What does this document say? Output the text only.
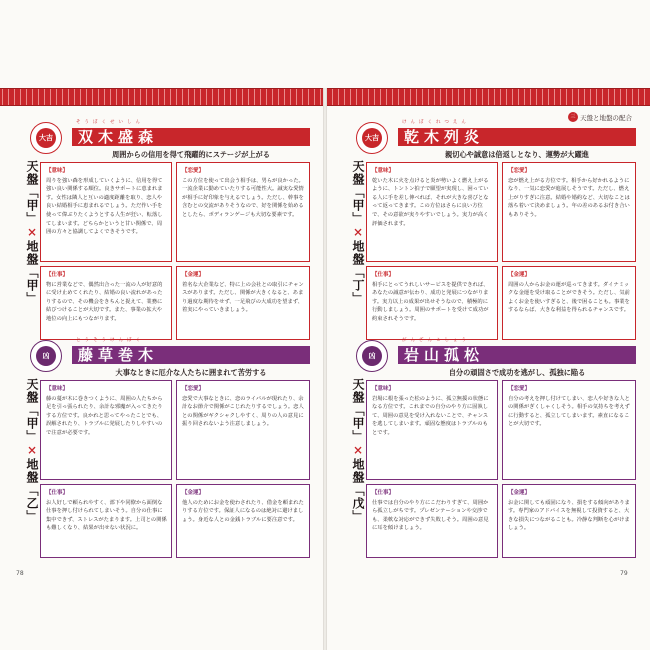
三 天盤と地盤の配合
大吉
そうぼくせいしん
双木盛森
周囲からの信用を得て飛躍的にステージが上がる
天盤「甲」×地盤「甲」
【意味】
周りを強い森を形成していくように、信用を得て強い良い関係する順位。良きサポートに恵まれます。女性は隣人と互いの適度距離を取り、恋人や良い結婚相手に恵まれるでしょう。ただ作い手を使って偉ぶりたくようとする人生が狂い、転落してしまいます。どちらかというと甘い関係で、周囲の方々と協調してよくできそうです。
【恋愛】
この方位を使って出会う相手は、男らが良かった。一流企業に勤めていたりする可能性大。誠実な愛情が相手に好印象を与えるでしょう。ただし、幹事を含むとの交流がありそうなので、好を関係を始めるとしたら、ボディランゲージも大切な要素です。
【仕事】
物に営業などで、偶然出合った一流の人が好意的に受け止めてくれたり、結婚の良い流れがあったりするので、その機会をきちんと捉えて、業務に結びつけることが大切です。また、事業の拡大や地位の向上にもつながります。
【金運】
着名な大企業など、特に上の会社との取引にチャンスがあります。ただし、関係が大きくなると、あまり過度な期待をせず、一足飛びの大成功を望まず、着実にやっていきましょう。
大吉
けんぼくれつえん
乾木列炎
親切心や誠意は倍返しとなり、運勢が大躍進
天盤「甲」×地盤「丁」
【意味】
乾いた木に火を点けると炎が勢いよく燃え上がるように、トントン拍子で願望が実現し、困っている人に手を差し伸べれば、それが大きな喜びとなって返ってきます。この方位はさらに良い方位で、その意欲が実りやすいでしょう。実力が高く評価されます。
【恋愛】
恋が燃え上がる方位です。相手から好かれるようになり、一気に恋愛が進展しそうです。ただし、燃え上がりすぎに注意。結婚や婚約など、大切なことは落ち着いて決めましょう。年の差のあるお付き合いもありそう。
【仕事】
相手にとってうれしいサービスを提供できれば、あなたの誠意が伝わり、成功と発展につながります。実力以上の成果が出せそうなので、積極的に行動しましょう。周囲のサポートを受けて成功が約束されそうです。
【金運】
周囲の人からお金の運が巡ってきます。ダイナミックな金運を受け取ることができそう。ただし、気前よくお金を使いすぎると、後で困ることも。事業をするならば、大きな利益を得られるチャンスです。
凶
とうそうけんぼく
藤草巻木
大事なときに厄介な人たちに囲まれて苦労する
天盤「甲」×地盤「乙」
【意味】
藤の蔓が木に巻きつくように、周囲の人たちから足を引っ張られたり、余計な邪魔が入ってきたりする方位です。良かれと思ってやったことでも、誤解されたり、トラブルに発展したりしやすいので注意が必要です。
【恋愛】
恋愛で大事なときに、恋のライバルが現れたり、余計なお節介で関係がこじれたりするでしょう。恋人との関係がギクシャクしやすく、周りの人の意見に振り回されないよう注意しましょう。
【仕事】
お人好しで頼られやすく、部下や同僚から面倒な仕事を押し付けられてしまいそう。自分の仕事に集中できず、ストレスがたまります。上司との関係も難しくなり、結果が出せない状況に。
【金運】
他人のためにお金を使わされたり、借金を頼まれたりする方位です。保証人になるのは絶対に避けましょう。身近な人との金銭トラブルに要注意です。
凶
がんざんこしょう
岩山孤松
自分の頑固さで成功を逃がし、孤独に陥る
天盤「甲」×地盤「戊」
【意味】
岩場に根を張った松のように、孤立無援の状態になる方位です。これまでの自分のやり方に固執して、周囲の意見を受け入れないことで、チャンスを逃してしまいます。頑固な態度はトラブルのもとです。
【恋愛】
自分の考えを押し付けてしまい、恋人や好きな人との関係がぎくしゃくしそう。相手の気持ちを考えずに行動すると、孤立してしまいます。素直になることが大切です。
【仕事】
仕事では自分のやり方にこだわりすぎて、周囲から孤立しがちです。プレゼンテーションや交渉でも、柔軟な対応ができず失敗しそう。周囲の意見に耳を傾けましょう。
【金運】
お金に関しても頑固になり、損をする傾向があります。専門家のアドバイスを無視して投資すると、大きな損失につながることも。冷静な判断を心がけましょう。
78	79
